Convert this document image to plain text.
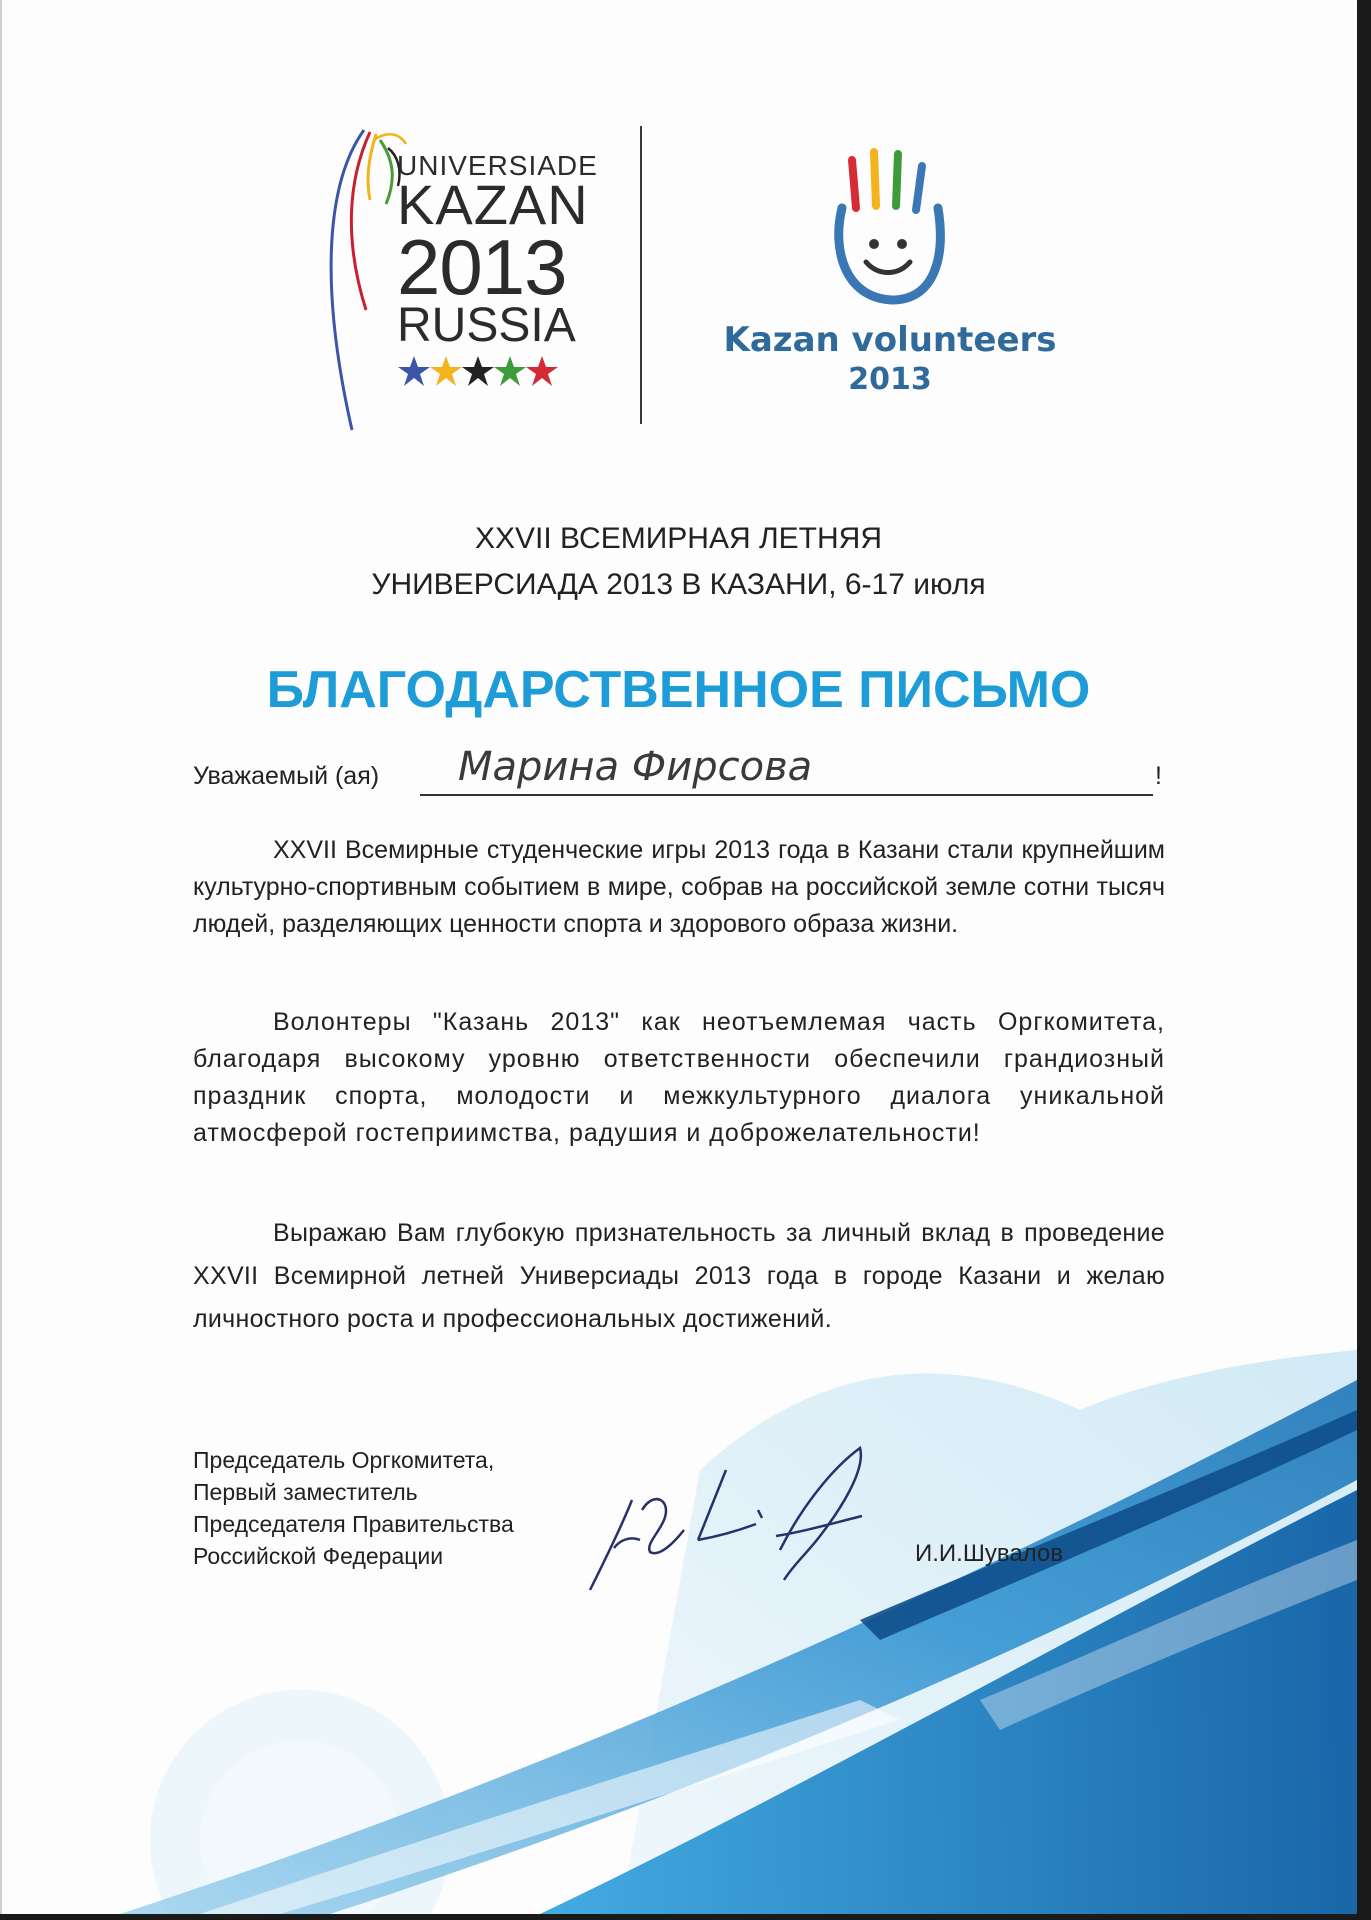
UNIVERSIADE
KAZAN
2013
RUSSIA	Kazan volunteers
2013
XXVII ВСЕМИРНАЯ ЛЕТНЯЯ
УНИВЕРСИАДА 2013 В КАЗАНИ, 6-17 июля
БЛАГОДАРСТВЕННОЕ ПИСЬМО
Уважаемый (ая) Марина Фирсова	!
XXVII Всемирные студенческие игры 2013 года в Казани стали крупнейшим культурно-спортивным событием в мире, собрав на российской земле сотни тысяч людей, разделяющих ценности спорта и здорового образа жизни.
Волонтеры "Казань 2013" как неотъемлемая часть Оргкомитета, благодаря высокому уровню ответственности обеспечили грандиозный праздник спорта, молодости и межкультурного диалога уникальной атмосферой гостеприимства, радушия и доброжелательности!
Выражаю Вам глубокую признательность за личный вклад в проведение XXVII Всемирной летней Универсиады 2013 года в городе Казани и желаю личностного роста и профессиональных достижений.
Председатель Оргкомитета,
Первый заместитель
Председателя Правительства
Российской Федерации	И.И.Шувалов
